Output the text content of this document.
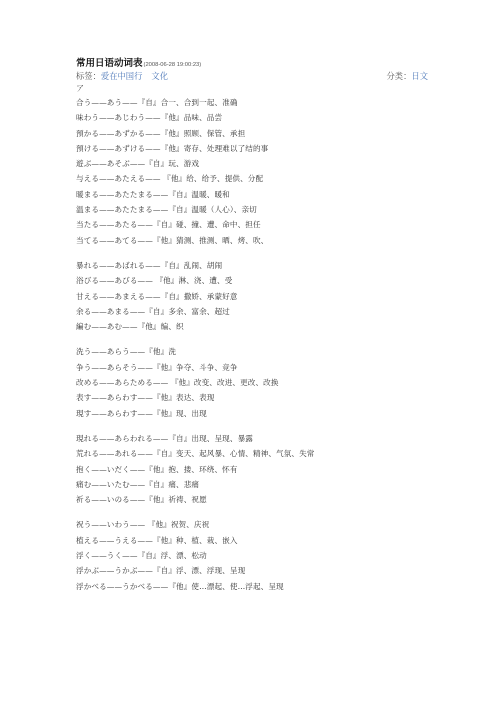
常用日语动词表(2008-06-28 19:00:23)
标签：爱在中国行 文化	分类：日文
ア
合う——あう——『自』合一、合到一起、准确
味わう——あじわう——『他』品味、品尝
預かる——あずかる——『他』照顾、保管、承担
預ける——あずける——『他』寄存、处理难以了结的事
遊ぶ——あそぶ——『自』玩、游戏
与える——あたえる—— 『他』给、给予、提供、分配
暖まる——あたたまる——『自』温暖、暖和
温まる——あたたまる——『自』温暖（人心）、亲切
当たる——あたる——『自』碰、撞、遭、命中、担任
当てる——あてる——『他』猜测、推测、晒、烤、吹、
暴れる——あばれる——『自』乱闹、胡闹
浴びる——あびる—— 『他』淋、浇、遭、受
甘える——あまえる——『自』撒娇、承蒙好意
余る——あまる——『自』多余、富余、超过
編む——あむ——『他』编、织
洗う——あらう——『他』洗
争う——あらそう——『他』争夺、斗争、竞争
改める——あらためる—— 『他』改变、改进、更改、改换
表す——あらわす——『他』表达、表现
現す——あらわす——『他』现、出现
現れる——あらわれる——『自』出现、呈现、暴露
荒れる——あれる——『自』变天、起风暴、心情、精神、气氛、失常
抱く——いだく——『他』抱、搂、环绕、怀有
痛む——いたむ——『自』痛、悲痛
祈る——いのる——『他』祈祷、祝愿
祝う——いわう—— 『他』祝贺、庆祝
植える——うえる——『他』种、植、栽、嵌入
浮く——うく——『自』浮、漂、松动
浮かぶ——うかぶ——『自』浮、漂、浮现、呈现
浮かべる——うかべる——『他』使…漂起、使…浮起、呈现
